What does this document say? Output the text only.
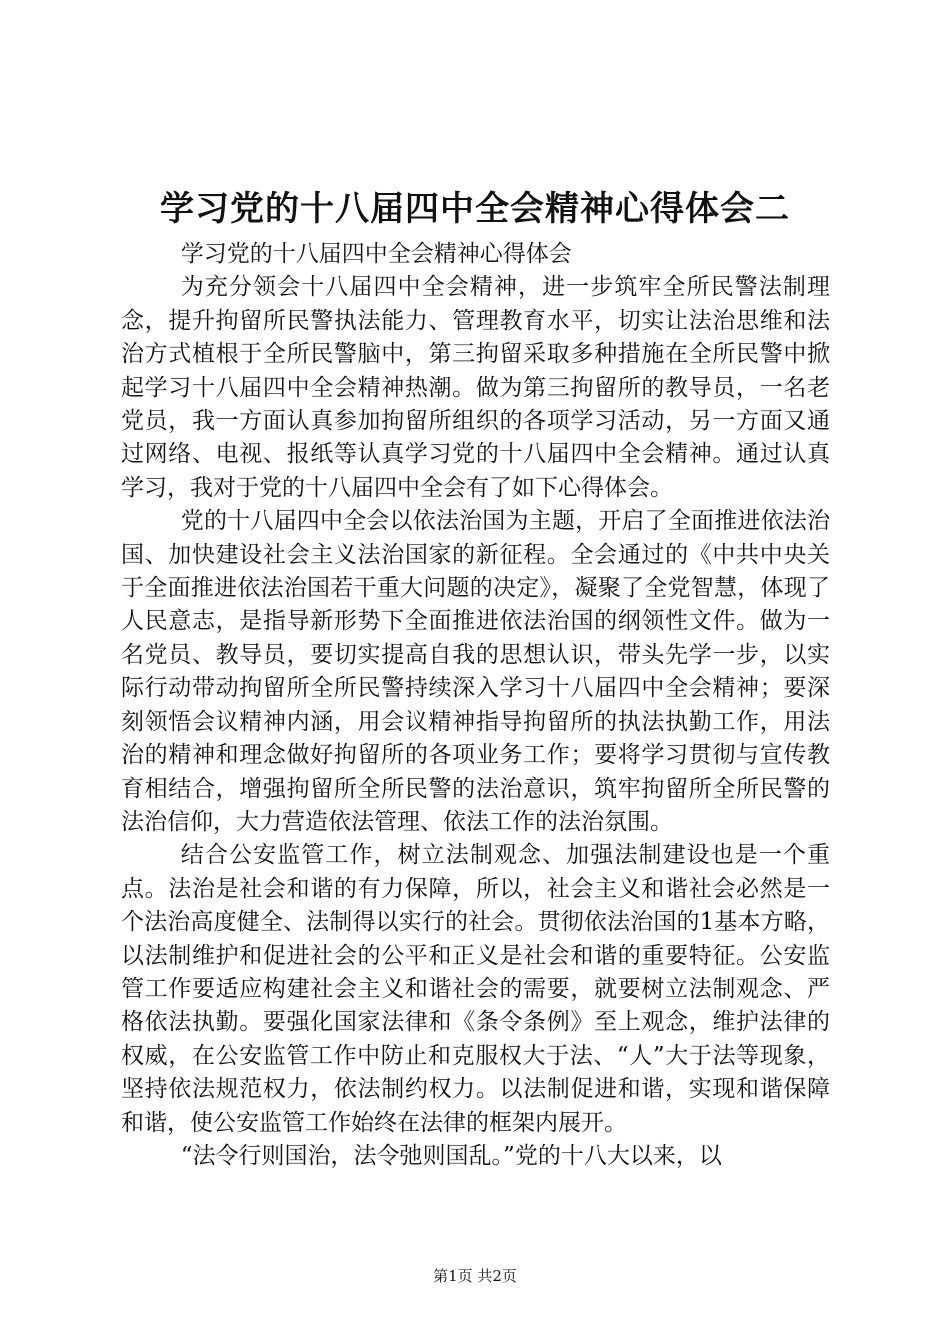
学习党的十八届四中全会精神心得体会二

学习党的十八届四中全会精神心得体会

为充分领会十八届四中全会精神，进一步筑牢全所民警法制理念，提升拘留所民警执法能力、管理教育水平，切实让法治思维和法治方式植根于全所民警脑中，第三拘留采取多种措施在全所民警中掀起学习十八届四中全会精神热潮。做为第三拘留所的教导员，一名老党员，我一方面认真参加拘留所组织的各项学习活动，另一方面又通过网络、电视、报纸等认真学习党的十八届四中全会精神。通过认真学习，我对于党的十八届四中全会有了如下心得体会。

党的十八届四中全会以依法治国为主题，开启了全面推进依法治国、加快建设社会主义法治国家的新征程。全会通过的《中共中央关于全面推进依法治国若干重大问题的决定》，凝聚了全党智慧，体现了人民意志，是指导新形势下全面推进依法治国的纲领性文件。做为一名党员、教导员，要切实提高自我的思想认识，带头先学一步，以实际行动带动拘留所全所民警持续深入学习十八届四中全会精神；要深刻领悟会议精神内涵，用会议精神指导拘留所的执法执勤工作，用法治的精神和理念做好拘留所的各项业务工作；要将学习贯彻与宣传教育相结合，增强拘留所全所民警的法治意识，筑牢拘留所全所民警的法治信仰，大力营造依法管理、依法工作的法治氛围。

结合公安监管工作，树立法制观念、加强法制建设也是一个重点。法治是社会和谐的有力保障，所以，社会主义和谐社会必然是一个法治高度健全、法制得以实行的社会。贯彻依法治国的1基本方略，以法制维护和促进社会的公平和正义是社会和谐的重要特征。公安监管工作要适应构建社会主义和谐社会的需要，就要树立法制观念、严格依法执勤。要强化国家法律和《条令条例》至上观念，维护法律的权威，在公安监管工作中防止和克服权大于法、“人”大于法等现象，坚持依法规范权力，依法制约权力。以法制促进和谐，实现和谐保障和谐，使公安监管工作始终在法律的框架内展开。

“法令行则国治，法令弛则国乱。”党的十八大以来，以

第1页 共2页
